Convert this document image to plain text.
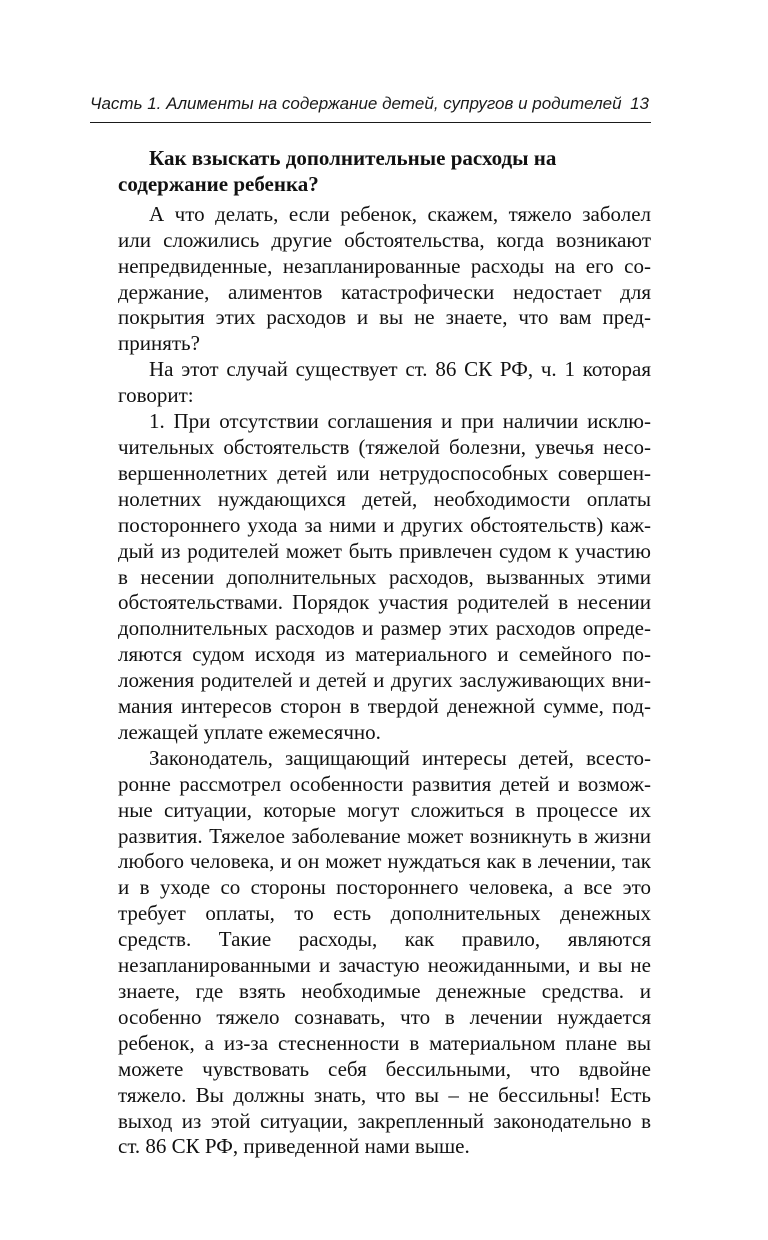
Часть 1. Алименты на содержание детей, супругов и родителей 13

Как взыскать дополнительные расходы на содержание ребенка?

А что делать, если ребенок, скажем, тяжело заболел или сложились другие обстоятельства, когда возникают непредвиденные, незапланированные расходы на его содержание, алиментов катастрофически недостает для покрытия этих расходов и вы не знаете, что вам предпринять?

На этот случай существует ст. 86 СК РФ, ч. 1 которая говорит:

1. При отсутствии соглашения и при наличии исключительных обстоятельств (тяжелой болезни, увечья несовершеннолетних детей или нетрудоспособных совершеннолетних нуждающихся детей, необходимости оплаты постороннего ухода за ними и других обстоятельств) каждый из родителей может быть привлечен судом к участию в несении дополнительных расходов, вызванных этими обстоятельствами. Порядок участия родителей в несении дополнительных расходов и размер этих расходов определяются судом исходя из материального и семейного положения родителей и детей и других заслуживающих внимания интересов сторон в твердой денежной сумме, подлежащей уплате ежемесячно.

Законодатель, защищающий интересы детей, всесторонне рассмотрел особенности развития детей и возможные ситуации, которые могут сложиться в процессе их развития. Тяжелое заболевание может возникнуть в жизни любого человека, и он может нуждаться как в лечении, так и в уходе со стороны постороннего человека, а все это требует оплаты, то есть дополнительных денежных средств. Такие расходы, как правило, являются незапланированными и зачастую неожиданными, и вы не знаете, где взять необходимые денежные средства. и особенно тяжело сознавать, что в лечении нуждается ребенок, а из-за стесненности в материальном плане вы можете чувствовать себя бессильными, что вдвойне тяжело. Вы должны знать, что вы – не бессильны! Есть выход из этой ситуации, закрепленный законодательно в ст. 86 СК РФ, приведенной нами выше.
